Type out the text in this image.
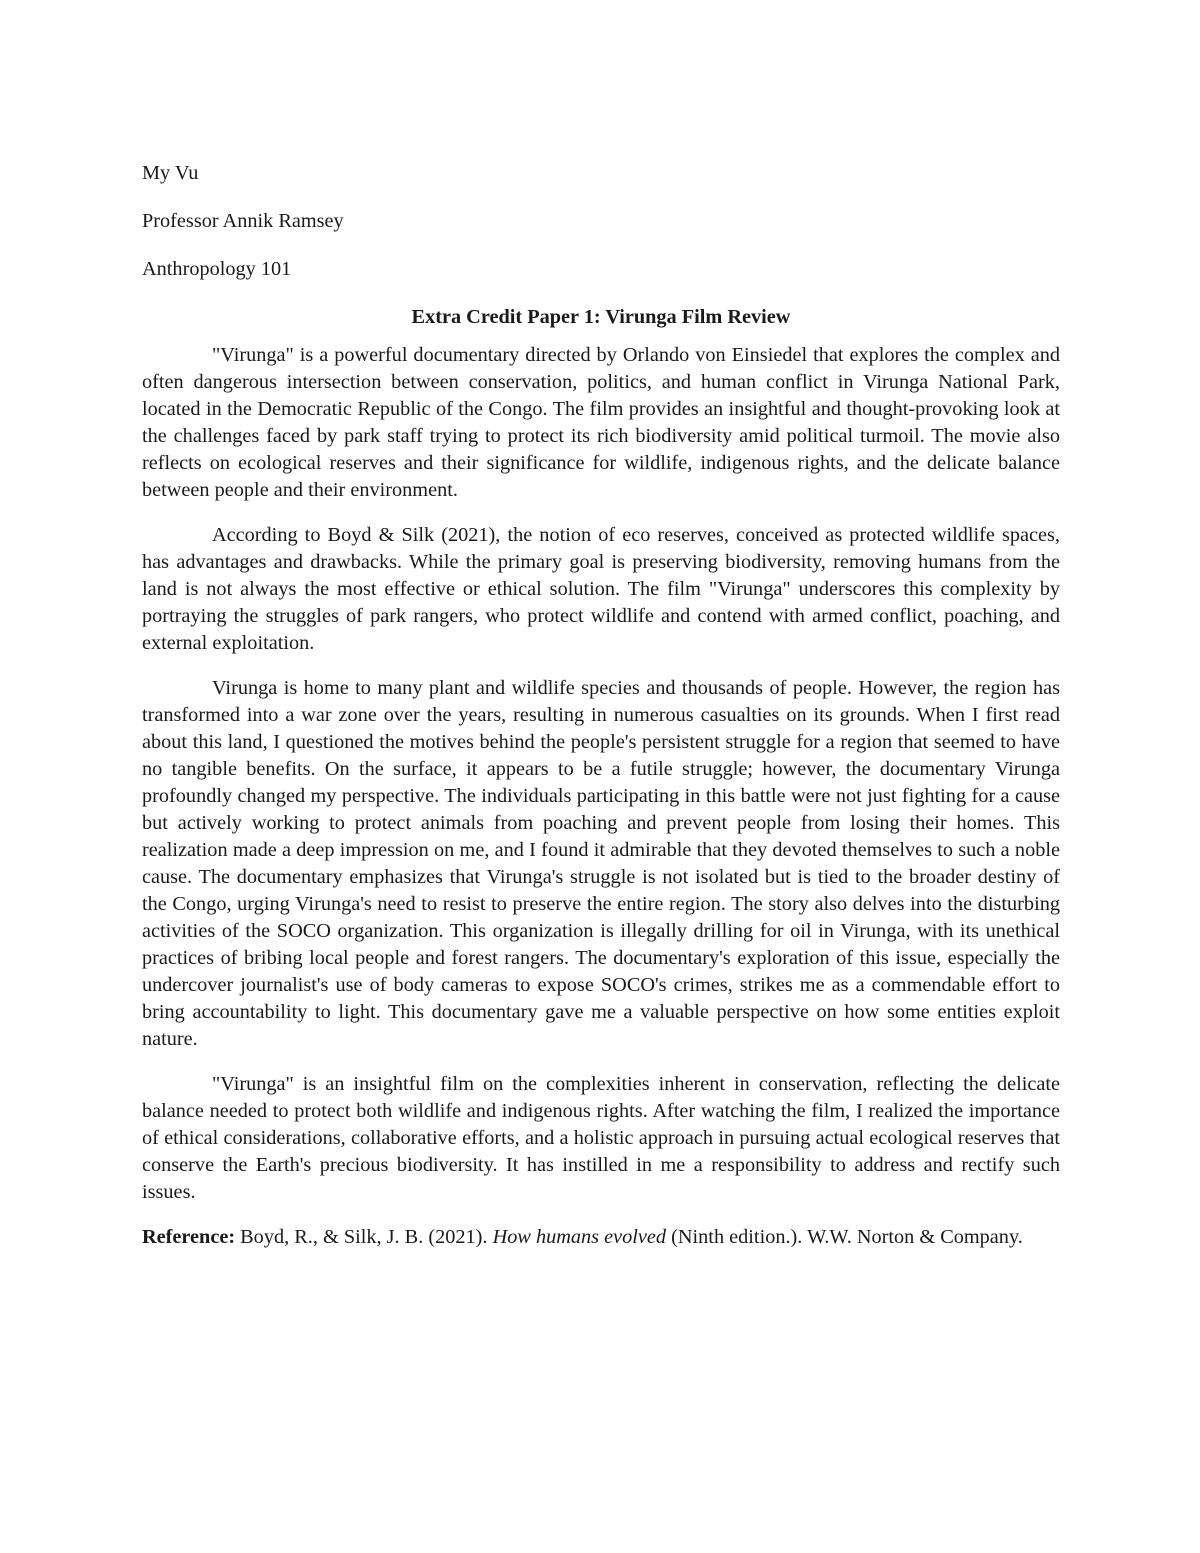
My Vu

Professor Annik Ramsey

Anthropology 101

Extra Credit Paper 1: Virunga Film Review

"Virunga" is a powerful documentary directed by Orlando von Einsiedel that explores the complex and often dangerous intersection between conservation, politics, and human conflict in Virunga National Park, located in the Democratic Republic of the Congo. The film provides an insightful and thought-provoking look at the challenges faced by park staff trying to protect its rich biodiversity amid political turmoil. The movie also reflects on ecological reserves and their significance for wildlife, indigenous rights, and the delicate balance between people and their environment.

According to Boyd & Silk (2021), the notion of eco reserves, conceived as protected wildlife spaces, has advantages and drawbacks. While the primary goal is preserving biodiversity, removing humans from the land is not always the most effective or ethical solution. The film "Virunga" underscores this complexity by portraying the struggles of park rangers, who protect wildlife and contend with armed conflict, poaching, and external exploitation.

Virunga is home to many plant and wildlife species and thousands of people. However, the region has transformed into a war zone over the years, resulting in numerous casualties on its grounds. When I first read about this land, I questioned the motives behind the people's persistent struggle for a region that seemed to have no tangible benefits. On the surface, it appears to be a futile struggle; however, the documentary Virunga profoundly changed my perspective. The individuals participating in this battle were not just fighting for a cause but actively working to protect animals from poaching and prevent people from losing their homes. This realization made a deep impression on me, and I found it admirable that they devoted themselves to such a noble cause. The documentary emphasizes that Virunga's struggle is not isolated but is tied to the broader destiny of the Congo, urging Virunga's need to resist to preserve the entire region. The story also delves into the disturbing activities of the SOCO organization. This organization is illegally drilling for oil in Virunga, with its unethical practices of bribing local people and forest rangers. The documentary's exploration of this issue, especially the undercover journalist's use of body cameras to expose SOCO's crimes, strikes me as a commendable effort to bring accountability to light. This documentary gave me a valuable perspective on how some entities exploit nature.

"Virunga" is an insightful film on the complexities inherent in conservation, reflecting the delicate balance needed to protect both wildlife and indigenous rights. After watching the film, I realized the importance of ethical considerations, collaborative efforts, and a holistic approach in pursuing actual ecological reserves that conserve the Earth's precious biodiversity. It has instilled in me a responsibility to address and rectify such issues.

Reference: Boyd, R., & Silk, J. B. (2021). How humans evolved (Ninth edition.). W.W. Norton & Company.
